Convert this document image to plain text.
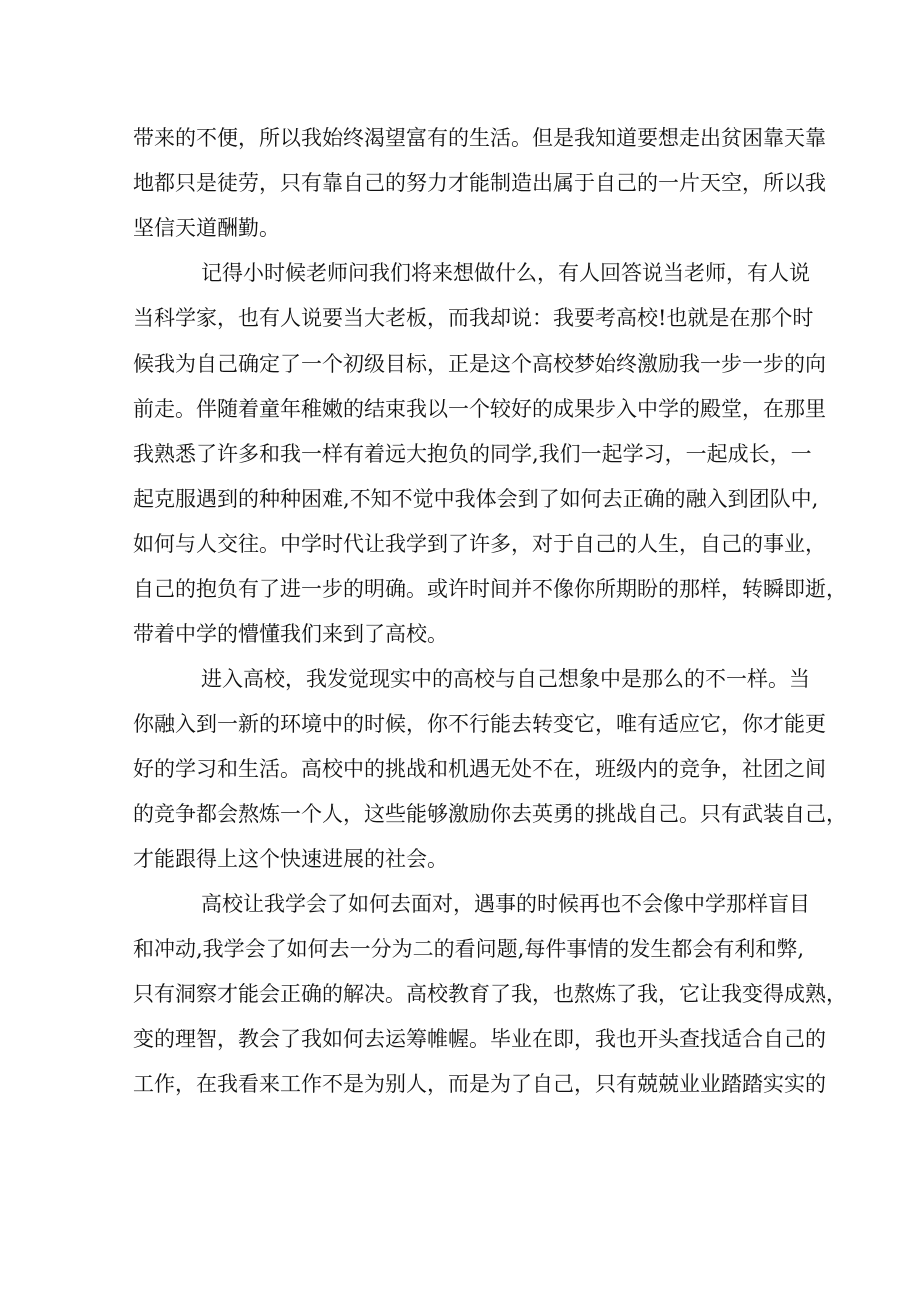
带来的不便，所以我始终渴望富有的生活。但是我知道要想走出贫困靠天靠
地都只是徒劳，只有靠自己的努力才能制造出属于自己的一片天空，所以我
坚信天道酬勤。
记得小时候老师问我们将来想做什么，有人回答说当老师，有人说
当科学家，也有人说要当大老板，而我却说：我要考高校!也就是在那个时
候我为自己确定了一个初级目标，正是这个高校梦始终激励我一步一步的向
前走。伴随着童年稚嫩的结束我以一个较好的成果步入中学的殿堂，在那里
我熟悉了许多和我一样有着远大抱负的同学,我们一起学习，一起成长，一
起克服遇到的种种困难,不知不觉中我体会到了如何去正确的融入到团队中,
如何与人交往。中学时代让我学到了许多，对于自己的人生，自己的事业，
自己的抱负有了进一步的明确。或许时间并不像你所期盼的那样，转瞬即逝，
带着中学的懵懂我们来到了高校。
进入高校，我发觉现实中的高校与自己想象中是那么的不一样。当
你融入到一新的环境中的时候，你不行能去转变它，唯有适应它，你才能更
好的学习和生活。高校中的挑战和机遇无处不在，班级内的竞争，社团之间
的竞争都会熬炼一个人，这些能够激励你去英勇的挑战自己。只有武装自己，
才能跟得上这个快速进展的社会。
高校让我学会了如何去面对，遇事的时候再也不会像中学那样盲目
和冲动,我学会了如何去一分为二的看问题,每件事情的发生都会有利和弊,
只有洞察才能会正确的解决。高校教育了我，也熬炼了我，它让我变得成熟，
变的理智，教会了我如何去运筹帷幄。毕业在即，我也开头查找适合自己的
工作，在我看来工作不是为别人，而是为了自己，只有兢兢业业踏踏实实的
